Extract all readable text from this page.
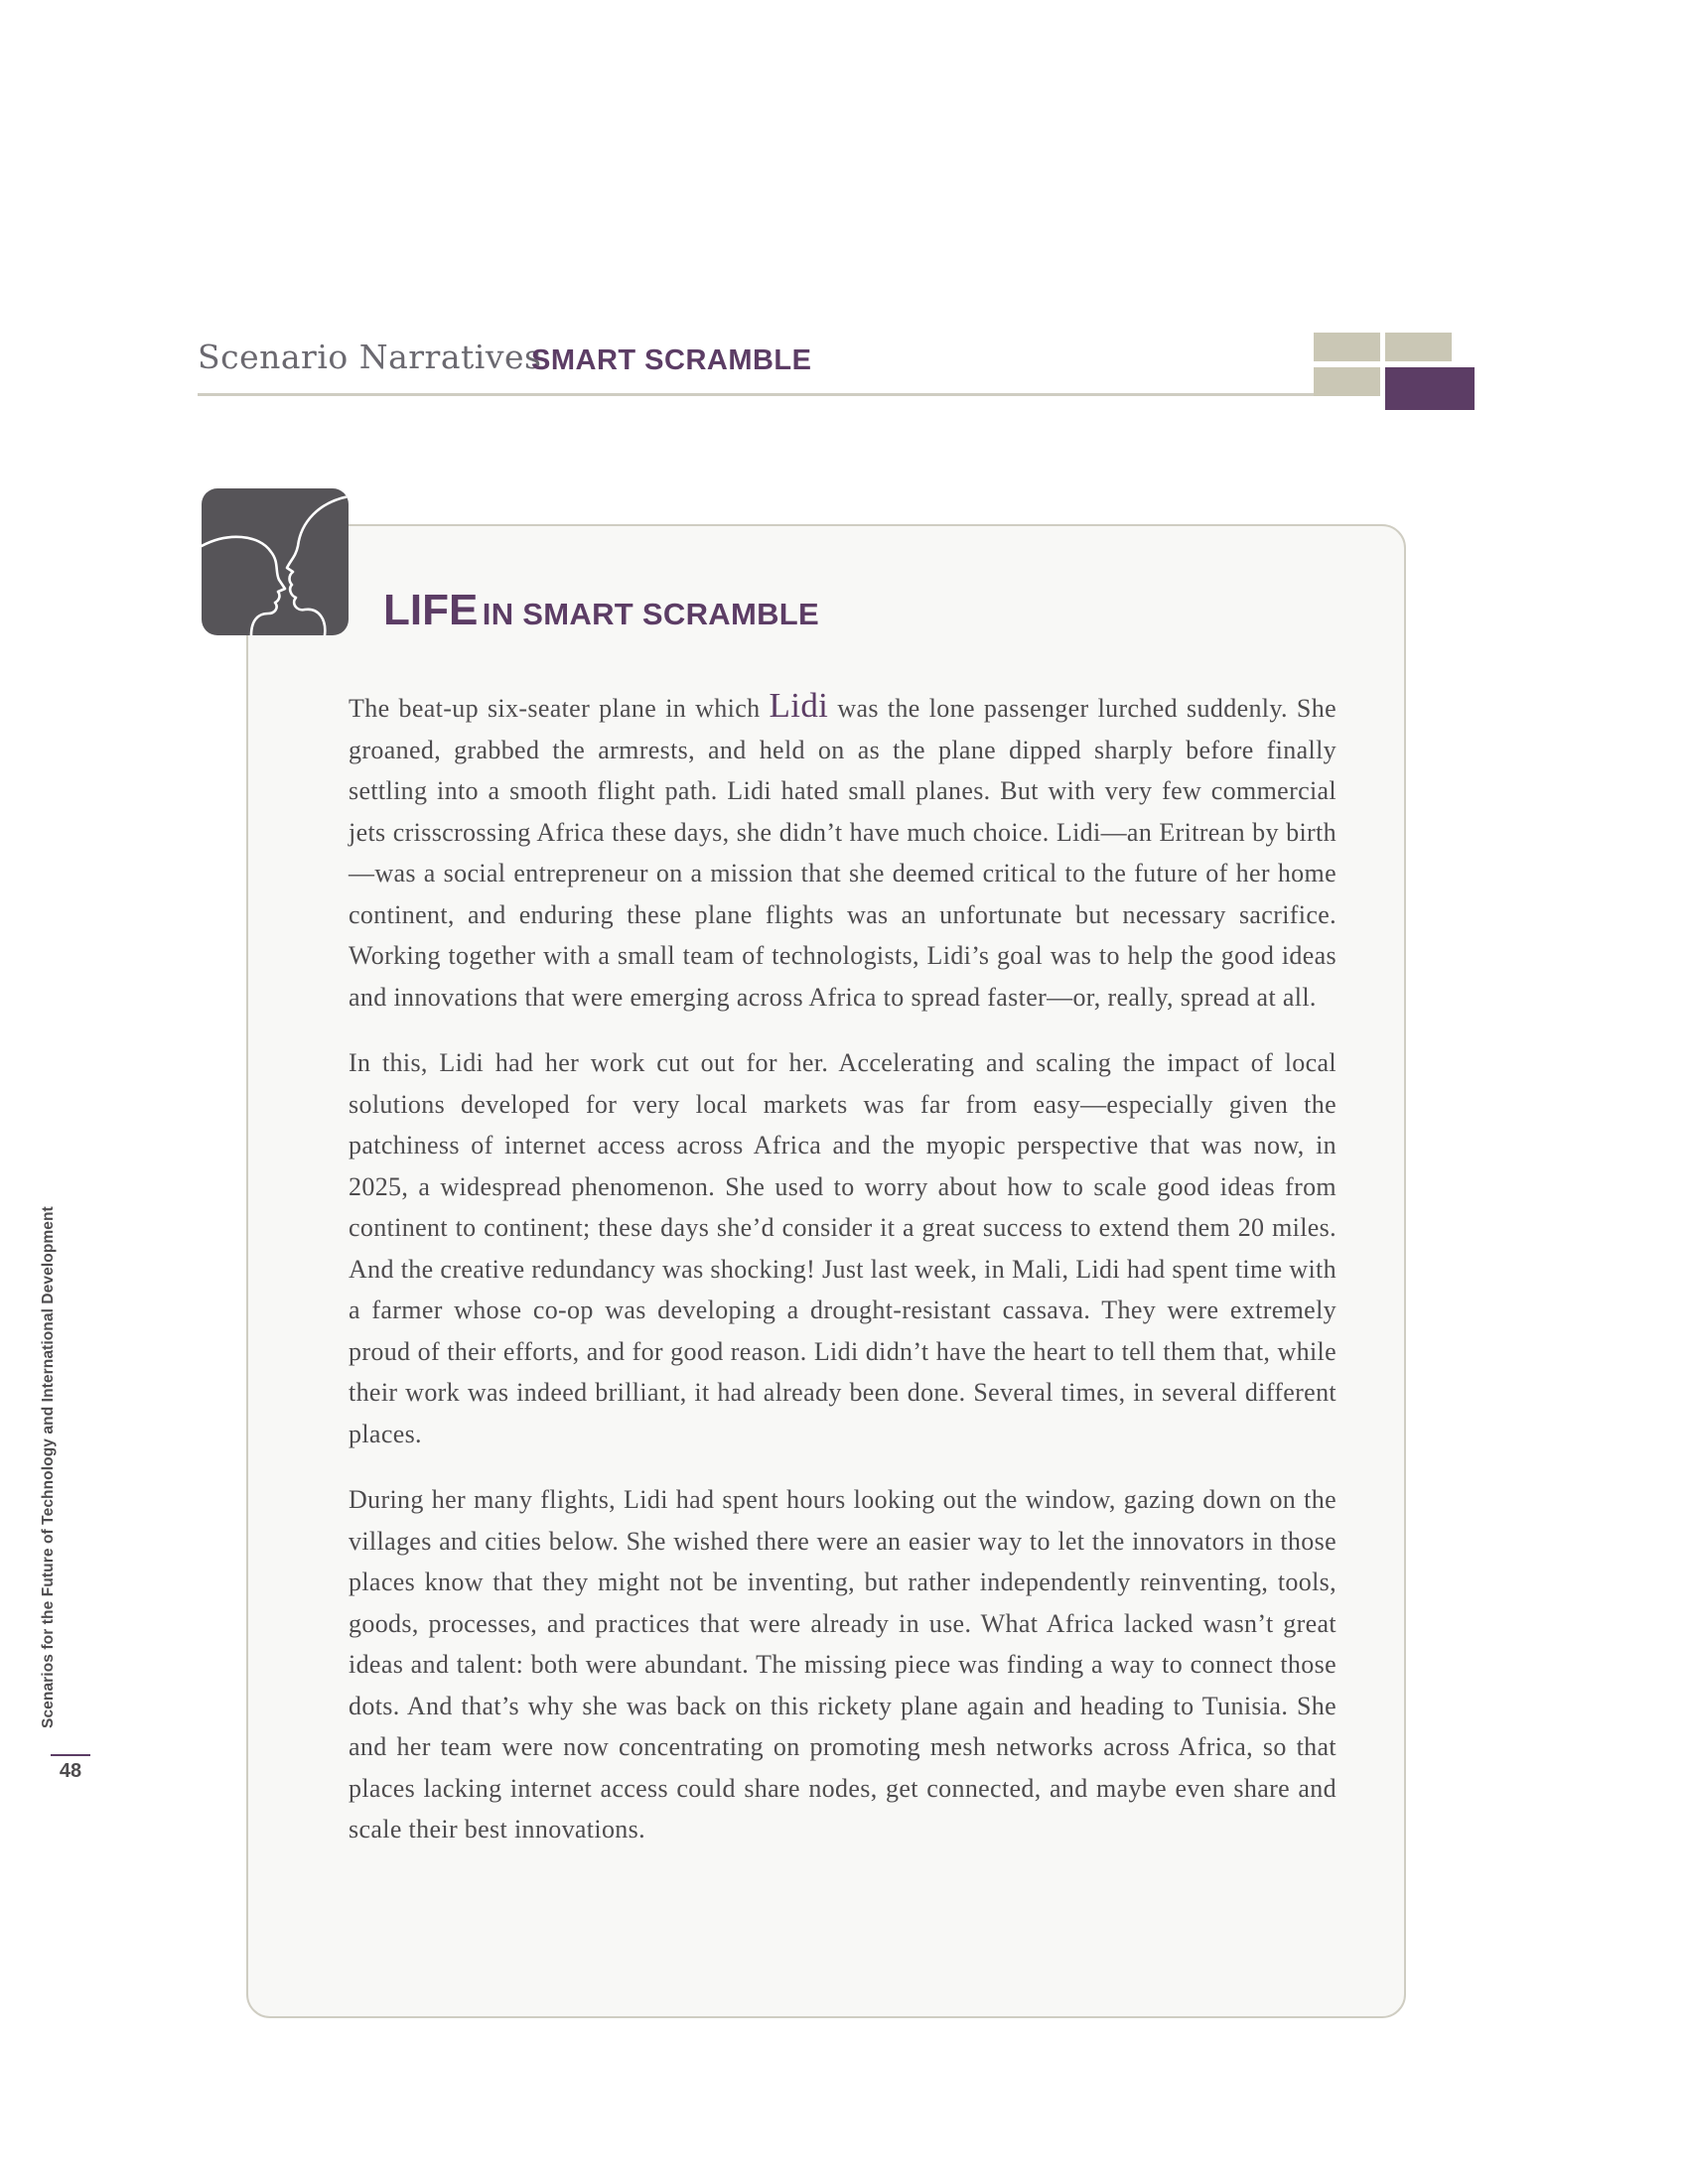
Scenario Narratives
SMART SCRAMBLE
LIFE IN SMART SCRAMBLE

The beat-up six-seater plane in which Lidi was the lone passenger lurched suddenly. She groaned, grabbed the armrests, and held on as the plane dipped sharply before finally settling into a smooth flight path. Lidi hated small planes. But with very few commercial jets crisscrossing Africa these days, she didn’t have much choice. Lidi—an Eritrean by birth—was a social entrepreneur on a mission that she deemed critical to the future of her home continent, and enduring these plane flights was an unfortunate but necessary sacrifice. Working together with a small team of technologists, Lidi’s goal was to help the good ideas and innovations that were emerging across Africa to spread faster—or, really, spread at all.

In this, Lidi had her work cut out for her. Accelerating and scaling the impact of local solutions developed for very local markets was far from easy—especially given the patchiness of internet access across Africa and the myopic perspective that was now, in 2025, a widespread phenomenon. She used to worry about how to scale good ideas from continent to continent; these days she’d consider it a great success to extend them 20 miles. And the creative redundancy was shocking! Just last week, in Mali, Lidi had spent time with a farmer whose co-op was developing a drought-resistant cassava. They were extremely proud of their efforts, and for good reason. Lidi didn’t have the heart to tell them that, while their work was indeed brilliant, it had already been done. Several times, in several different places.

During her many flights, Lidi had spent hours looking out the window, gazing down on the villages and cities below. She wished there were an easier way to let the innovators in those places know that they might not be inventing, but rather independently reinventing, tools, goods, processes, and practices that were already in use. What Africa lacked wasn’t great ideas and talent: both were abundant. The missing piece was finding a way to connect those dots. And that’s why she was back on this rickety plane again and heading to Tunisia. She and her team were now concentrating on promoting mesh networks across Africa, so that places lacking internet access could share nodes, get connected, and maybe even share and scale their best innovations.

Scenarios for the Future of Technology and International Development
48
